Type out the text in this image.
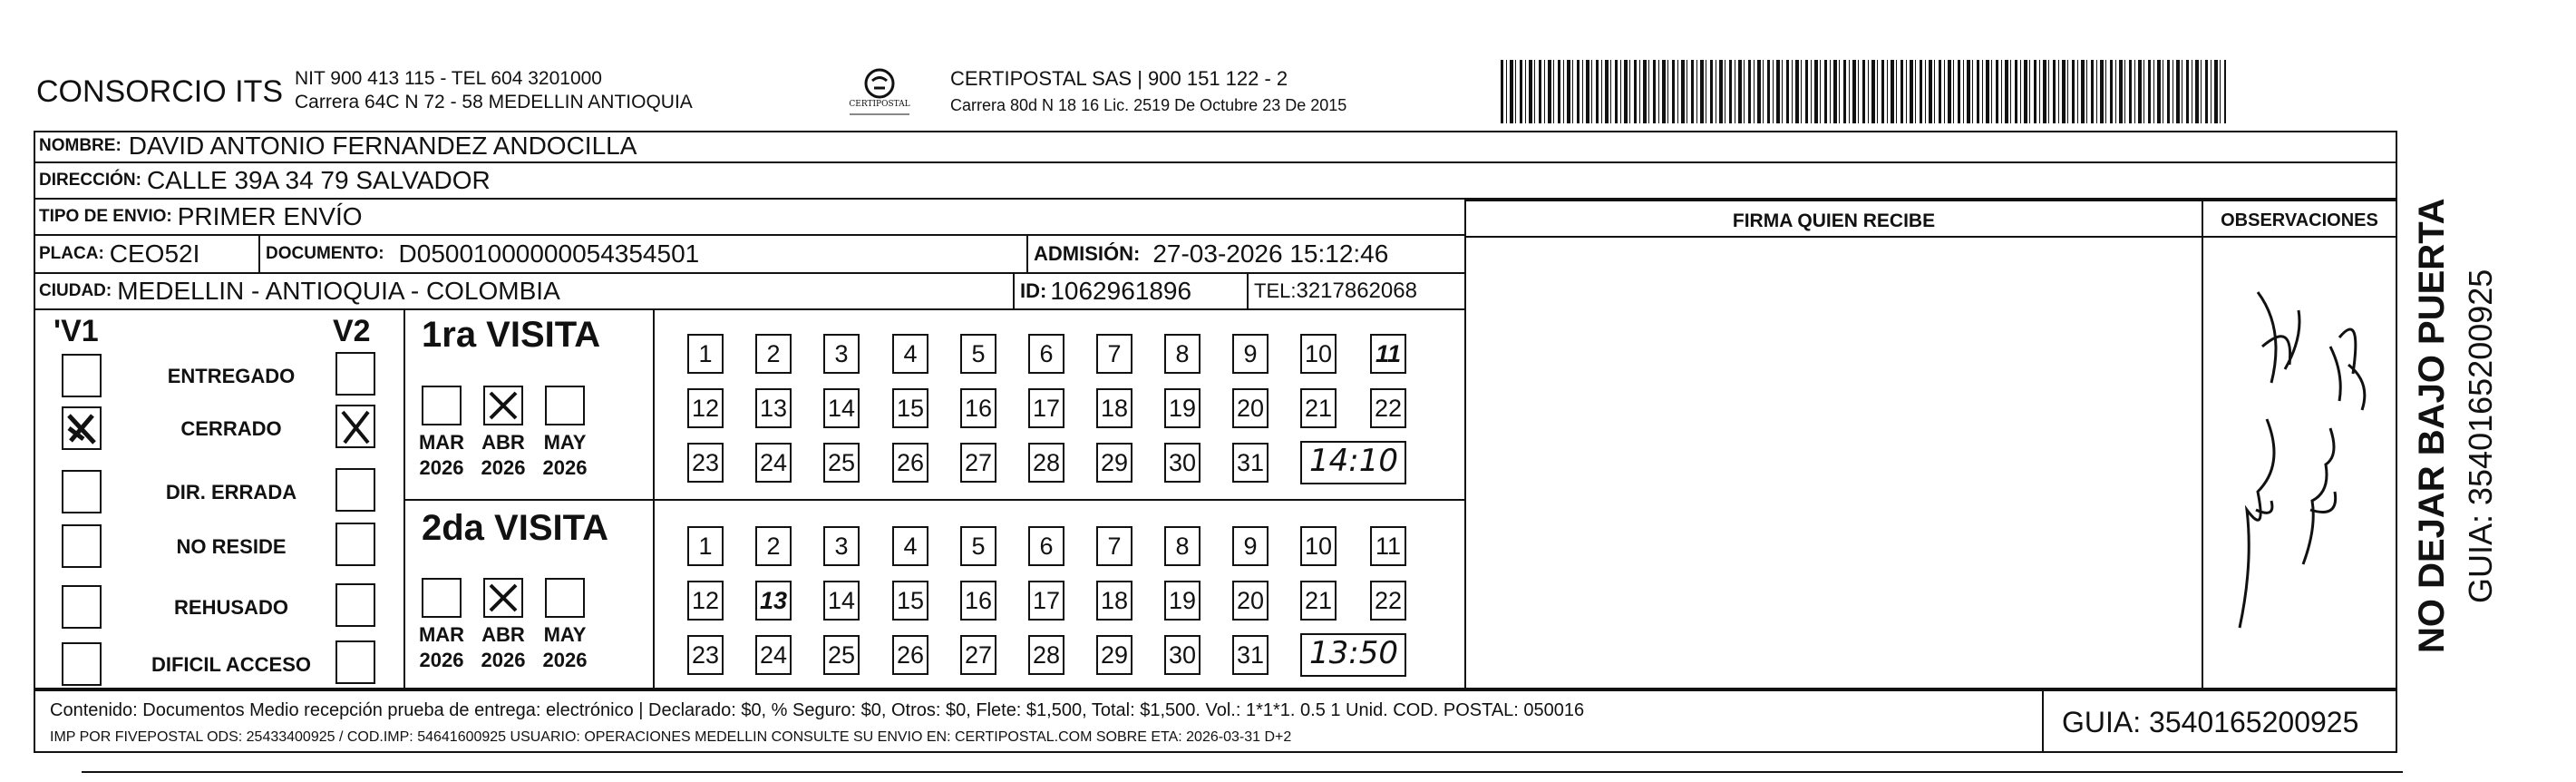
CONSORCIO ITS NIT 900 413 115 - TEL 604 3201000
Carrera 64C N 72 - 58 MEDELLIN ANTIOQUIA	CERTIPOSTAL
CERTIPOSTAL SAS | 900 151 122 - 2
Carrera 80d N 18 16 Lic. 2519 De Octubre 23 De 2015
NOMBRE: DAVID ANTONIO FERNANDEZ ANDOCILLA
DIRECCIÓN: CALLE 39A 34 79 SALVADOR
TIPO DE ENVIO: PRIMER ENVÍO
PLACA: CEO52I	DOCUMENTO: D05001000000054354501	ADMISIÓN: 27-03-2026 15:12:46
CIUDAD: MEDELLIN - ANTIOQUIA - COLOMBIA	ID: 1062961896	TEL: 3217862068
FIRMA QUIEN RECIBE	OBSERVACIONES
'V1	V2
ENTREGADO
CERRADO
DIR. ERRADA
NO RESIDE
REHUSADO
DIFICIL ACCESO
1ra VISITA
2da VISITA
MAR
2026
ABR
2026
MAY
2026
1	2	3	4	5	6	7	8	9	10 11
12 13 14 15 16 17 18 19 20 21 22
23 24 25 26 27 28 29 30 31 14:10
MAR
2026
ABR
2026
MAY
2026
1	2	3	4	5	6	7	8	9	10 11
12 13 14 15 16 17 18 19 20 21 22
23 24 25 26 27 28 29 30 31 13:50
Contenido: Documentos Medio recepción prueba de entrega: electrónico | Declarado: $0, % Seguro: $0, Otros: $0, Flete: $1,500, Total: $1,500. Vol.: 1*1*1. 0.5 1 Unid. COD. POSTAL: 050016
IMP POR FIVEPOSTAL ODS: 25433400925 / COD.IMP: 54641600925 USUARIO: OPERACIONES MEDELLIN CONSULTE SU ENVIO EN: CERTIPOSTAL.COM SOBRE ETA: 2026-03-31 D+2	GUIA: 3540165200925
NO DEJAR BAJO PUERTA GUIA: 3540165200925
